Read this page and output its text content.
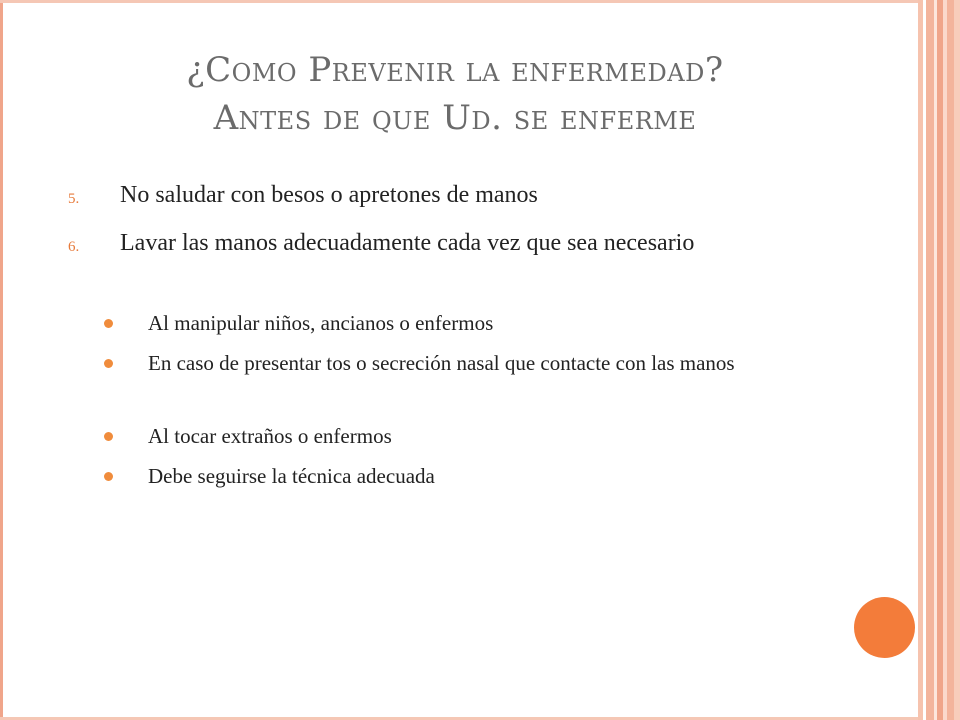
¿Como Prevenir la enfermedad?
Antes de que Ud. se enferme
5.	No saludar con besos o apretones de manos
6.	Lavar las manos adecuadamente cada vez que sea necesario
Al manipular niños, ancianos o enfermos
En caso de presentar tos o secreción nasal que contacte con las manos
Al tocar extraños o enfermos
Debe seguirse la técnica adecuada
